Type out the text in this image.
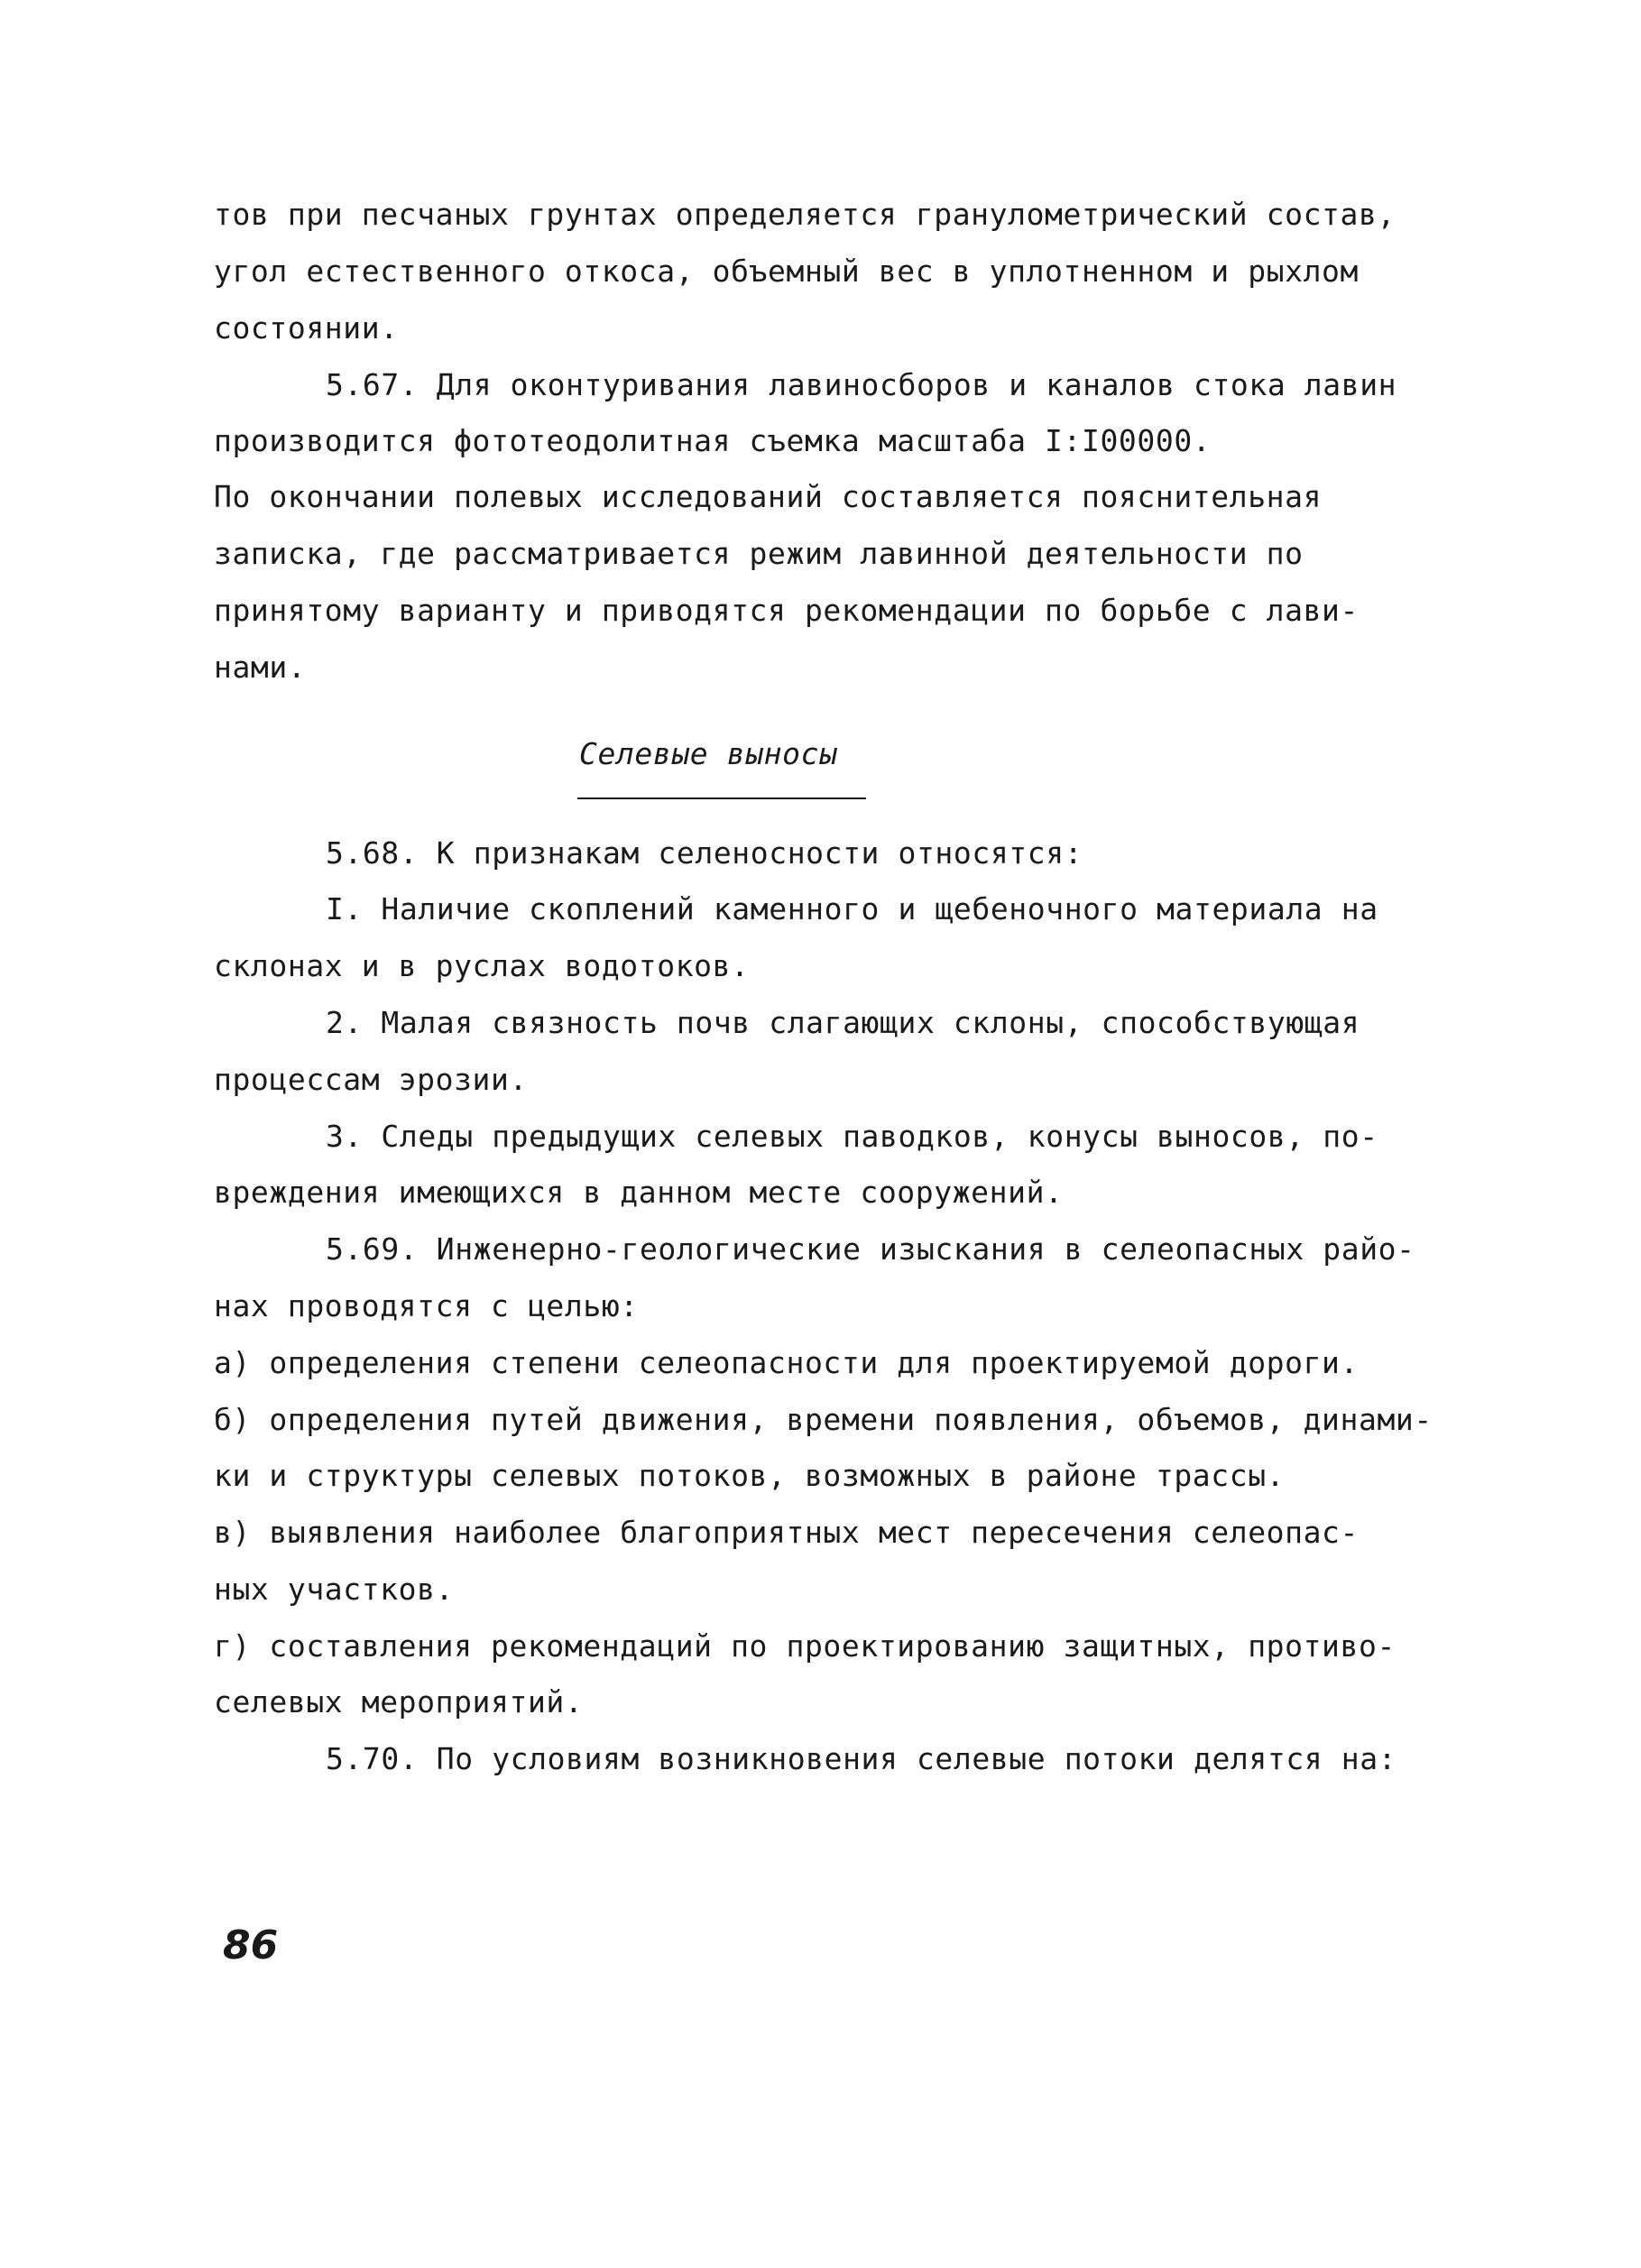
тов при песчаных грунтах определяется гранулометрический состав,
угол естественного откоса, объемный вес в уплотненном и рыхлом
состоянии.
5.67. Для оконтуривания лавиносборов и каналов стока лавин
производится фототеодолитная съемка масштаба I:I00000.
По окончании полевых исследований составляется пояснительная
записка, где рассматривается режим лавинной деятельности по
принятому варианту и приводятся рекомендации по борьбе с лави-
нами.
Селевые выносы
5.68. К признакам селеносности относятся:
I. Наличие скоплений каменного и щебеночного материала на
склонах и в руслах водотоков.
2. Малая связность почв слагающих склоны, способствующая
процессам эрозии.
3. Следы предыдущих селевых паводков, конусы выносов, по-
вреждения имеющихся в данном месте сооружений.
5.69. Инженерно-геологические изыскания в селеопасных райо-
нах проводятся с целью:
а) определения степени селеопасности для проектируемой дороги.
б) определения путей движения, времени появления, объемов, динами-
ки и структуры селевых потоков, возможных в районе трассы.
в) выявления наиболее благоприятных мест пересечения селеопас-
ных участков.
г) составления рекомендаций по проектированию защитных, противо-
селевых мероприятий.
5.70. По условиям возникновения селевые потоки делятся на:
86
